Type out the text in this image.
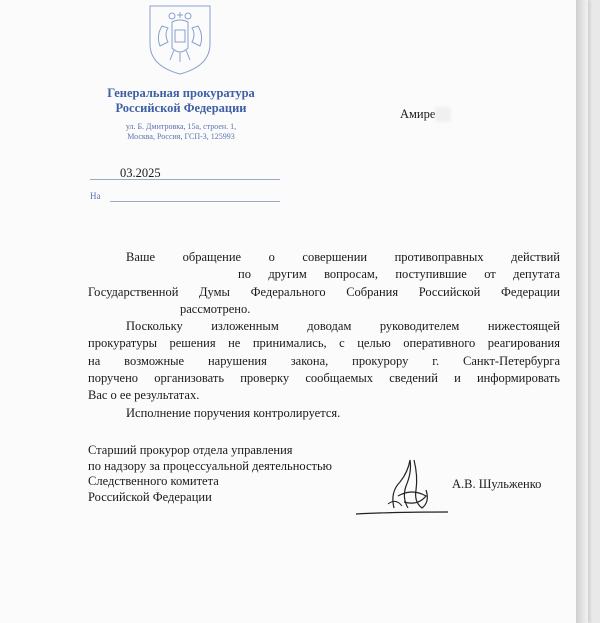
Генеральная прокуратура
Российской Федерации
ул. Б. Дмитровка, 15а, строен. 1,
Москва, Россия, ГСП-3, 125993
Амире
03.2025
На
Ваше обращение о совершении противоправных действий
по другим вопросам, поступившие от депутата
Государственной Думы Федерального Собрания Российской Федерации
рассмотрено.
Поскольку изложенным доводам руководителем нижестоящей
прокуратуры решения не принимались, с целью оперативного реагирования
на возможные нарушения закона, прокурору г. Санкт-Петербурга
поручено организовать проверку сообщаемых сведений и информировать
Вас о ее результатах.
Исполнение поручения контролируется.
Старший прокурор отдела управления
по надзору за процессуальной деятельностью
Следственного комитета
Российской Федерации
А.В. Шульженко
